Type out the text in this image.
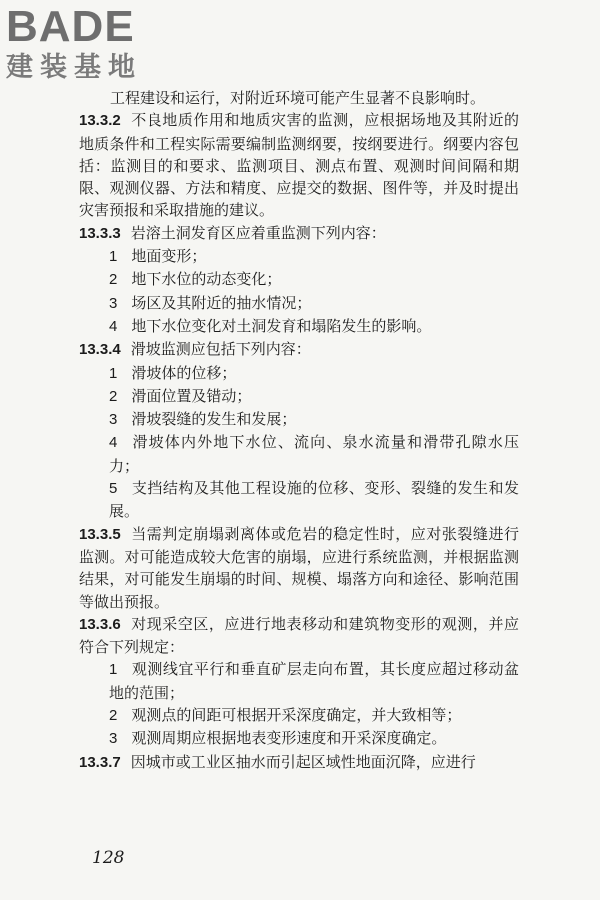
BADE
建装基地

工程建设和运行，对附近环境可能产生显著不良影响时。

13.3.2 不良地质作用和地质灾害的监测，应根据场地及其附近的地质条件和工程实际需要编制监测纲要，按纲要进行。纲要内容包括：监测目的和要求、监测项目、测点布置、观测时间间隔和期限、观测仪器、方法和精度、应提交的数据、图件等，并及时提出灾害预报和采取措施的建议。

13.3.3 岩溶土洞发育区应着重监测下列内容：

1 地面变形；

2 地下水位的动态变化；

3 场区及其附近的抽水情况；

4 地下水位变化对土洞发育和塌陷发生的影响。

13.3.4 滑坡监测应包括下列内容：

1 滑坡体的位移；

2 滑面位置及错动；

3 滑坡裂缝的发生和发展；

4 滑坡体内外地下水位、流向、泉水流量和滑带孔隙水压力；

5 支挡结构及其他工程设施的位移、变形、裂缝的发生和发展。

13.3.5 当需判定崩塌剥离体或危岩的稳定性时，应对张裂缝进行监测。对可能造成较大危害的崩塌，应进行系统监测，并根据监测结果，对可能发生崩塌的时间、规模、塌落方向和途径、影响范围等做出预报。

13.3.6 对现采空区，应进行地表移动和建筑物变形的观测，并应符合下列规定：

1 观测线宜平行和垂直矿层走向布置，其长度应超过移动盆地的范围；

2 观测点的间距可根据开采深度确定，并大致相等；

3 观测周期应根据地表变形速度和开采深度确定。

13.3.7 因城市或工业区抽水而引起区域性地面沉降，应进行

128
